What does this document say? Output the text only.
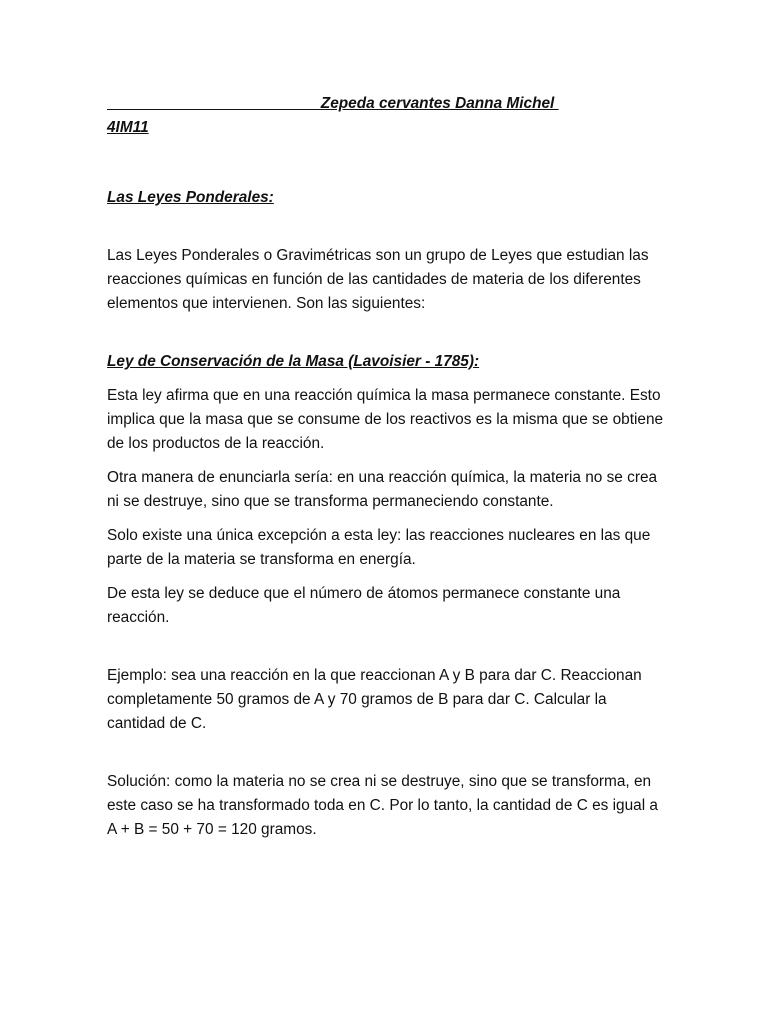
Zepeda cervantes Danna Michel

4IM11

Las Leyes Ponderales:

Las Leyes Ponderales o Gravimétricas son un grupo de Leyes que estudian las reacciones químicas en función de las cantidades de materia de los diferentes elementos que intervienen. Son las siguientes:

Ley de Conservación de la Masa (Lavoisier - 1785):

Esta ley afirma que en una reacción química la masa permanece constante. Esto implica que la masa que se consume de los reactivos es la misma que se obtiene de los productos de la reacción.

Otra manera de enunciarla sería: en una reacción química, la materia no se crea ni se destruye, sino que se transforma permaneciendo constante.

Solo existe una única excepción a esta ley: las reacciones nucleares en las que parte de la materia se transforma en energía.

De esta ley se deduce que el número de átomos permanece constante una reacción.

Ejemplo: sea una reacción en la que reaccionan A y B para dar C. Reaccionan completamente 50 gramos de A y 70 gramos de B para dar C. Calcular la cantidad de C.

Solución: como la materia no se crea ni se destruye, sino que se transforma, en este caso se ha transformado toda en C. Por lo tanto, la cantidad de C es igual a A + B = 50 + 70 = 120 gramos.
